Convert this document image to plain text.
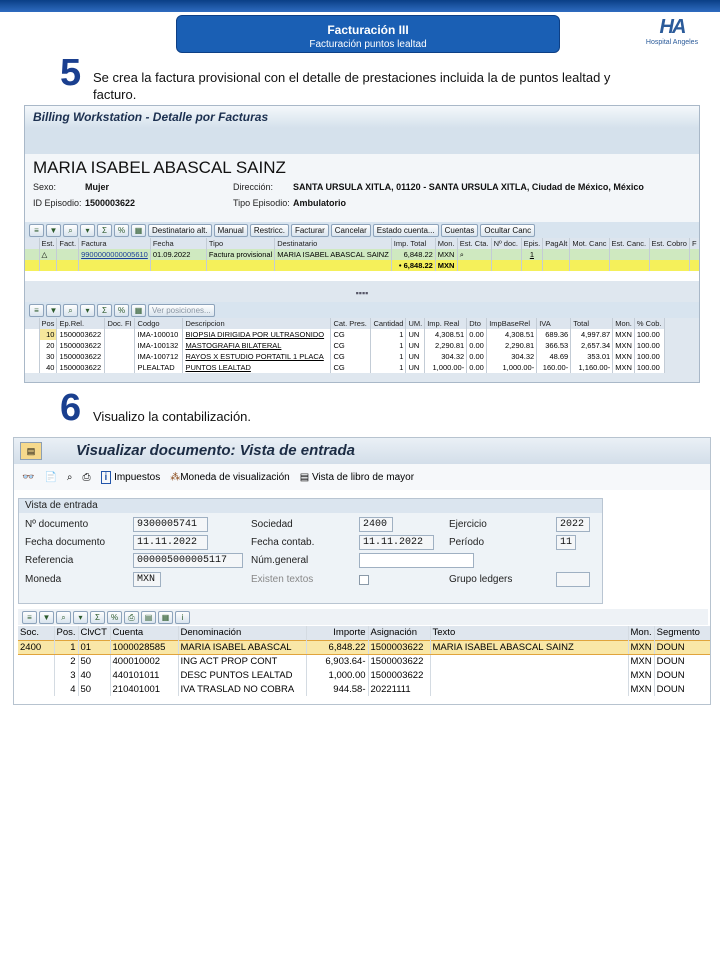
Facturación III
Facturación puntos lealtad
HA
Hospital Angeles
5 Se crea la factura provisional con el detalle de prestaciones incluida la de puntos lealtad y facturo.
Billing Workstation - Detalle por Facturas
MARIA ISABEL ABASCAL SAINZ
Sexo:	Mujer	Dirección: SANTA URSULA XITLA, 01120 - SANTA URSULA XITLA, Ciudad de México, México
ID Episodio: 1500003622	Tipo Episodio: Ambulatorio
≡	▼	⌕	▾	Σ	%	▦	Destinatario alt.	Manual	Restricc.	Facturar	Cancelar	Estado cuenta...	Cuentas	Ocultar Canc
	Est.	Fact.	Factura	Fecha	Tipo	Destinatario	Imp. Total	Mon.	Est. Cta.	Nº doc.	Epis.	PagAlt	Mot. Canc	Est. Canc.	Est. Cobro	F
	△		9900000000005610	01.09.2022	Factura provisional	MARIA ISABEL ABASCAL SAINZ	6,848.22	MXN	⌕		1					
							• 6,848.22	MXN								

▪▪▪▪
≡	▼	⌕	▾	Σ	%	▦	Ver posiciones...
	Pos	Ep.Rel.	Doc. FI	Codgo	Descripcion	Cat. Pres.	Cantidad	UM.	Imp. Real	Dto	ImpBaseRel	IVA	Total	Mon.	% Cob.
	10	1500003622		IMA-100010	BIOPSIA DIRIGIDA POR ULTRASONIDO	CG	1	UN	4,308.51	0.00	4,308.51	689.36	4,997.87	MXN	100.00
	20	1500003622		IMA-100132	MASTOGRAFIA BILATERAL	CG	1	UN	2,290.81	0.00	2,290.81	366.53	2,657.34	MXN	100.00
	30	1500003622		IMA-100712	RAYOS X ESTUDIO PORTATIL 1 PLACA	CG	1	UN	304.32	0.00	304.32	48.69	353.01	MXN	100.00
	40	1500003622		PLEALTAD	PUNTOS LEALTAD	CG	1	UN	1,000.00-	0.00	1,000.00-	160.00-	1,160.00-	MXN	100.00
6 Visualizo la contabilización.
▤	Visualizar documento: Vista de entrada
👓 📄 ⌕ ⎙	i Impuestos ⁂Moneda de visualización ▤ Vista de libro de mayor
Vista de entrada
Nº documento	9300005741	Sociedad	2400	Ejercicio	2022
Fecha documento	11.11.2022	Fecha contab.	11.11.2022	Período	11
Referencia	000005000005117	Núm.general
Moneda	MXN	Existen textos	Grupo ledgers
≡	▼	⌕	▾	Σ	%	⎙	▤	▦	i
Soc.	Pos.	ClvCT	Cuenta	Denominación	Importe	Asignación	Texto	Mon.	Segmento
2400	1	01	1000028585	MARIA ISABEL ABASCAL	6,848.22	1500003622	MARIA ISABEL ABASCAL SAINZ	MXN	DOUN
	2	50	400010002	ING ACT PROP CONT	6,903.64-	1500003622		MXN	DOUN
	3	40	440101011	DESC PUNTOS LEALTAD	1,000.00	1500003622		MXN	DOUN
	4	50	210401001	IVA TRASLAD NO COBRA	944.58-	20221111		MXN	DOUN
